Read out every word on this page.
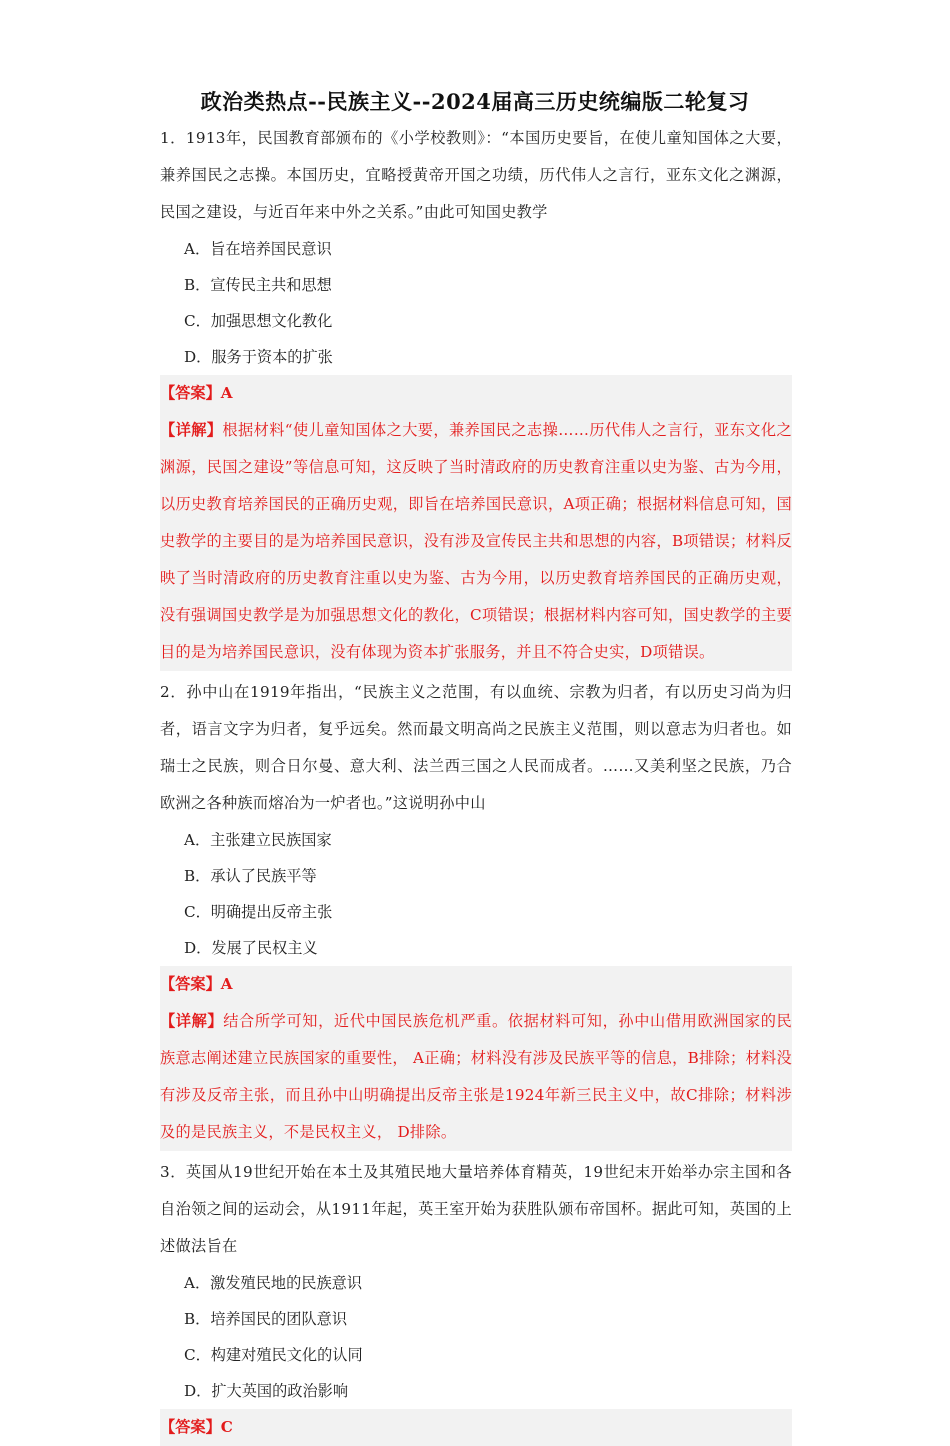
政治类热点--民族主义--2024届高三历史统编版二轮复习

1．1913年，民国教育部颁布的《小学校教则》：“本国历史要旨，在使儿童知国体之大要，兼养国民之志操。本国历史，宜略授黄帝开国之功绩，历代伟人之言行，亚东文化之渊源，民国之建设，与近百年来中外之关系。”由此可知国史教学

A．旨在培养国民意识
B．宣传民主共和思想
C．加强思想文化教化
D．服务于资本的扩张

【答案】A

【详解】根据材料“使儿童知国体之大要，兼养国民之志操……历代伟人之言行，亚东文化之渊源，民国之建设”等信息可知，这反映了当时清政府的历史教育注重以史为鉴、古为今用，以历史教育培养国民的正确历史观，即旨在培养国民意识，A项正确；根据材料信息可知，国史教学的主要目的是为培养国民意识，没有涉及宣传民主共和思想的内容，B项错误；材料反映了当时清政府的历史教育注重以史为鉴、古为今用，以历史教育培养国民的正确历史观，没有强调国史教学是为加强思想文化的教化，C项错误；根据材料内容可知，国史教学的主要目的是为培养国民意识，没有体现为资本扩张服务，并且不符合史实，D项错误。

2．孙中山在1919年指出，“民族主义之范围，有以血统、宗教为归者，有以历史习尚为归者，语言文字为归者，复乎远矣。然而最文明高尚之民族主义范围，则以意志为归者也。如瑞士之民族，则合日尔曼、意大利、法兰西三国之人民而成者。……又美利坚之民族，乃合欧洲之各种族而熔冶为一炉者也。”这说明孙中山

A．主张建立民族国家
B．承认了民族平等
C．明确提出反帝主张
D．发展了民权主义

【答案】A

【详解】结合所学可知，近代中国民族危机严重。依据材料可知，孙中山借用欧洲国家的民族意志阐述建立民族国家的重要性， A正确；材料没有涉及民族平等的信息，B排除；材料没有涉及反帝主张，而且孙中山明确提出反帝主张是1924年新三民主义中，故C排除；材料涉及的是民族主义，不是民权主义， D排除。

3．英国从19世纪开始在本土及其殖民地大量培养体育精英，19世纪末开始举办宗主国和各自治领之间的运动会，从1911年起，英王室开始为获胜队颁布帝国杯。据此可知，英国的上述做法旨在

A．激发殖民地的民族意识
B．培养国民的团队意识
C．构建对殖民文化的认同
D．扩大英国的政治影响

【答案】C
